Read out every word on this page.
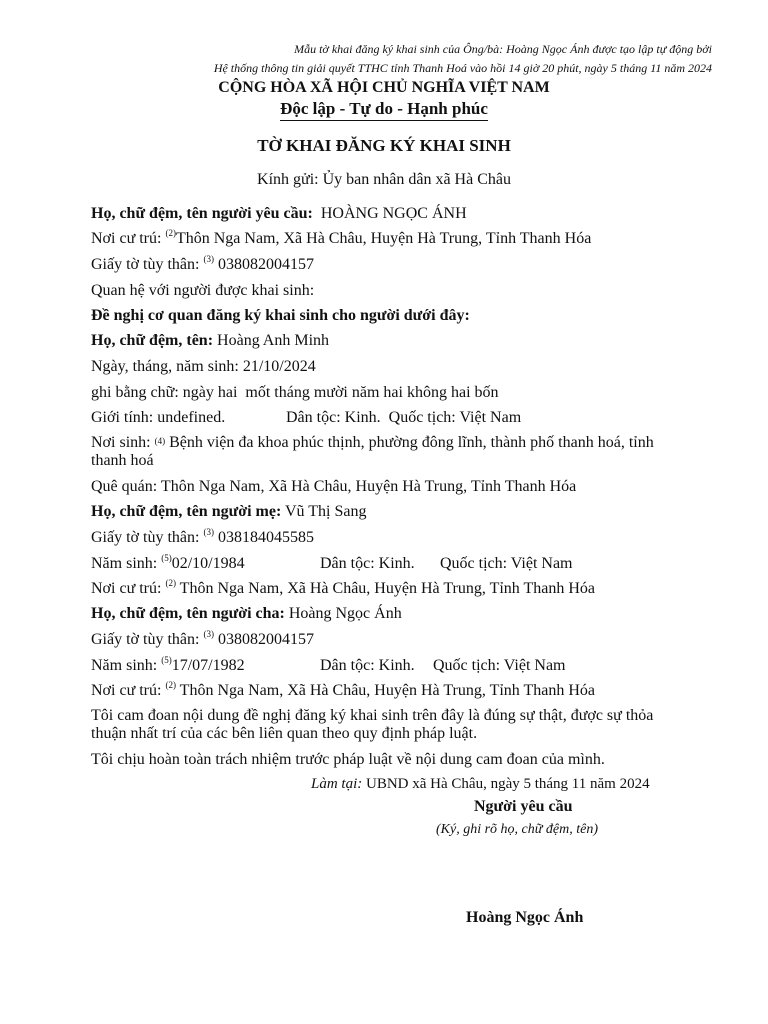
Mẫu tờ khai đăng ký khai sinh của Ông/bà: Hoàng Ngọc Ánh được tạo lập tự động bởi
Hệ thống thông tin giải quyết TTHC tỉnh Thanh Hoá vào hồi 14 giờ 20 phút, ngày 5 tháng 11 năm 2024
CỘNG HÒA XÃ HỘI CHỦ NGHĨA VIỆT NAM
Độc lập - Tự do - Hạnh phúc
TỜ KHAI ĐĂNG KÝ KHAI SINH
Kính gửi: Ủy ban nhân dân xã Hà Châu
Họ, chữ đệm, tên người yêu cầu: HOÀNG NGỌC ÁNH
Nơi cư trú: $^{(2)}$Thôn Nga Nam, Xã Hà Châu, Huyện Hà Trung, Tỉnh Thanh Hóa
Giấy tờ tùy thân: $^{(3)}$ 038082004157
Quan hệ với người được khai sinh:
Đề nghị cơ quan đăng ký khai sinh cho người dưới đây:
Họ, chữ đệm, tên: Hoàng Anh Minh
Ngày, tháng, năm sinh: 21/10/2024
ghi bằng chữ: ngày hai  mốt tháng mười năm hai không hai bốn
Giới tính: undefined.	Dân tộc: Kinh.  Quốc tịch: Việt Nam
Nơi sinh: $^{(4)}$ Bệnh viện đa khoa phúc thịnh, phường đông lĩnh, thành phố thanh hoá, tỉnh thanh hoá
Quê quán: Thôn Nga Nam, Xã Hà Châu, Huyện Hà Trung, Tỉnh Thanh Hóa
Họ, chữ đệm, tên người mẹ: Vũ Thị Sang
Giấy tờ tùy thân: $^{(3)}$ 038184045585
Năm sinh: $^{(5)}$02/10/1984	Dân tộc: Kinh. Quốc tịch: Việt Nam
Nơi cư trú: $^{(2)}$ Thôn Nga Nam, Xã Hà Châu, Huyện Hà Trung, Tỉnh Thanh Hóa
Họ, chữ đệm, tên người cha: Hoàng Ngọc Ánh
Giấy tờ tùy thân: $^{(3)}$ 038082004157
Năm sinh: $^{(5)}$17/07/1982	Dân tộc: Kinh. Quốc tịch: Việt Nam
Nơi cư trú: $^{(2)}$ Thôn Nga Nam, Xã Hà Châu, Huyện Hà Trung, Tỉnh Thanh Hóa
Tôi cam đoan nội dung đề nghị đăng ký khai sinh trên đây là đúng sự thật, được sự thỏa thuận nhất trí của các bên liên quan theo quy định pháp luật.
Tôi chịu hoàn toàn trách nhiệm trước pháp luật về nội dung cam đoan của mình.
Làm tại: UBND xã Hà Châu, ngày 5 tháng 11 năm 2024
Người yêu cầu
(Ký, ghi rõ họ, chữ đệm, tên)
Hoàng Ngọc Ánh
